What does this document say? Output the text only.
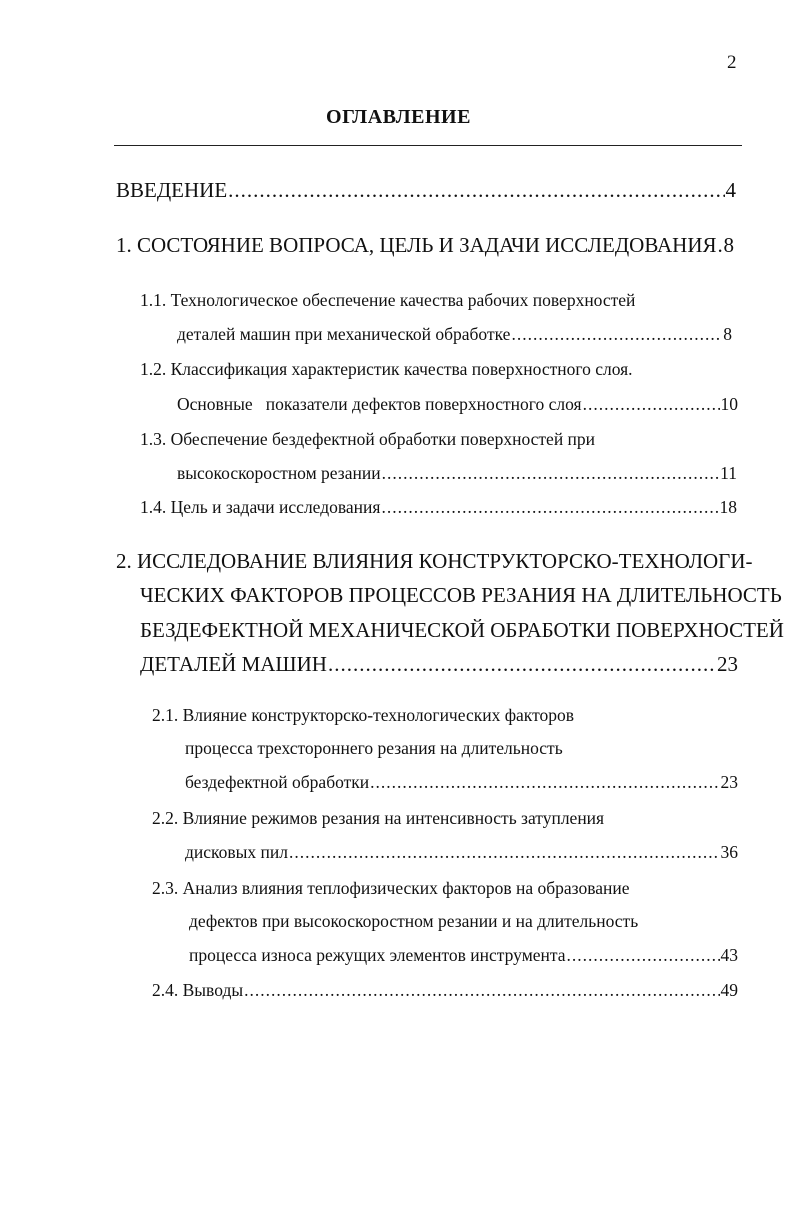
2
ОГЛАВЛЕНИЕ
ВВЕДЕНИЕ .....	4
1. СОСТОЯНИЕ ВОПРОСА, ЦЕЛЬ И ЗАДАЧИ ИССЛЕДОВАНИЯ ..... 8
1.1. Технологическое обеспечение качества рабочих поверхностей
деталей машин при механической обработке .....	8
1.2. Классификация характеристик качества поверхностного слоя.
Основные   показатели дефектов поверхностного слоя .....	10
1.3. Обеспечение бездефектной обработки поверхностей при
высокоскоростном резании .....	11
1.4. Цель и задачи исследования .....	18
2. ИССЛЕДОВАНИЕ ВЛИЯНИЯ КОНСТРУКТОРСКО-ТЕХНОЛОГИ-
ЧЕСКИХ ФАКТОРОВ ПРОЦЕССОВ РЕЗАНИЯ НА ДЛИТЕЛЬНОСТЬ
БЕЗДЕФЕКТНОЙ МЕХАНИЧЕСКОЙ ОБРАБОТКИ ПОВЕРХНОСТЕЙ
ДЕТАЛЕЙ МАШИН .....	23
2.1. Влияние конструкторско-технологических факторов
процесса трехстороннего резания на длительность
бездефектной обработки .....	23
2.2. Влияние режимов резания на интенсивность затупления
дисковых пил .....	36
2.3. Анализ влияния теплофизических факторов на образование
дефектов при высокоскоростном резании и на длительность
процесса износа режущих элементов инструмента .....	43
2.4. Выводы .....	49
